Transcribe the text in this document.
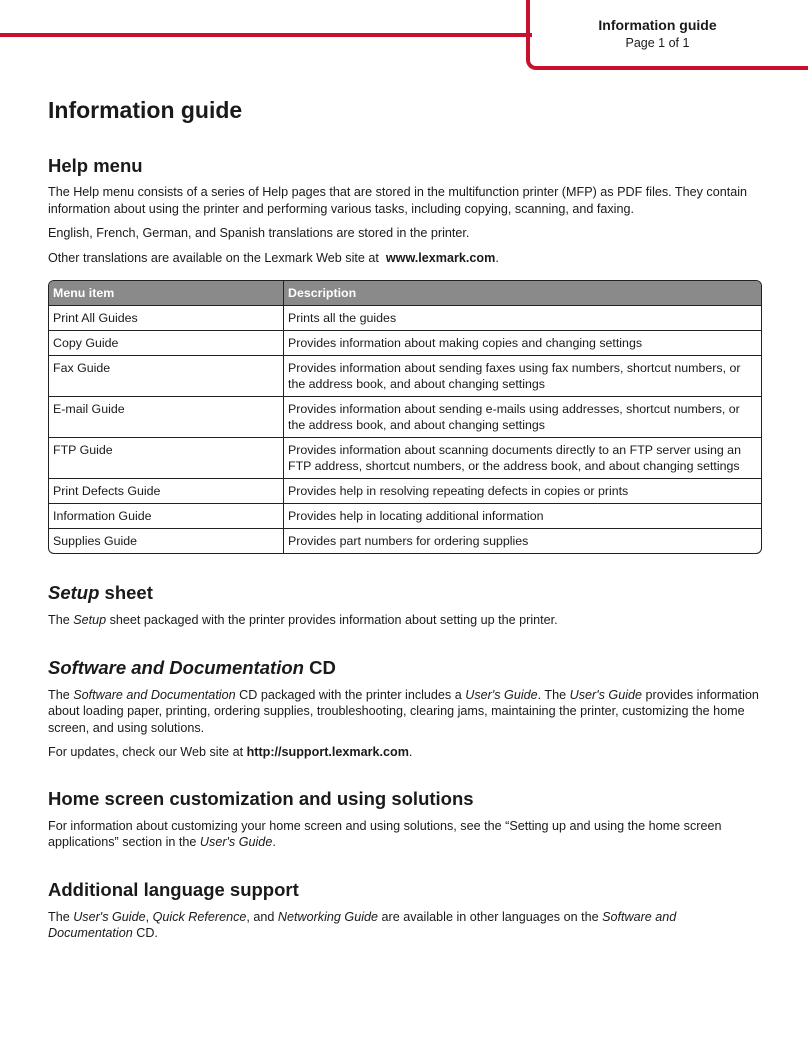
Information guide
Page 1 of 1
Information guide
Help menu

The Help menu consists of a series of Help pages that are stored in the multifunction printer (MFP) as PDF files. They contain information about using the printer and performing various tasks, including copying, scanning, and faxing.

English, French, German, and Spanish translations are stored in the printer.

Other translations are available on the Lexmark Web site at www.lexmark.com.

Menu item	Description
Print All Guides	Prints all the guides
Copy Guide	Provides information about making copies and changing settings
Fax Guide	Provides information about sending faxes using fax numbers, shortcut numbers, or the address book, and about changing settings
E-mail Guide	Provides information about sending e-mails using addresses, shortcut numbers, or the address book, and about changing settings
FTP Guide	Provides information about scanning documents directly to an FTP server using an FTP address, shortcut numbers, or the address book, and about changing settings
Print Defects Guide	Provides help in resolving repeating defects in copies or prints
Information Guide	Provides help in locating additional information
Supplies Guide	Provides part numbers for ordering supplies
Setup sheet

The Setup sheet packaged with the printer provides information about setting up the printer.

Software and Documentation CD

The Software and Documentation CD packaged with the printer includes a User's Guide. The User's Guide provides information about loading paper, printing, ordering supplies, troubleshooting, clearing jams, maintaining the printer, customizing the home screen, and using solutions.

For updates, check our Web site at http://support.lexmark.com.

Home screen customization and using solutions

For information about customizing your home screen and using solutions, see the “Setting up and using the home screen applications” section in the User's Guide.

Additional language support

The User's Guide, Quick Reference, and Networking Guide are available in other languages on the Software and Documentation CD.
